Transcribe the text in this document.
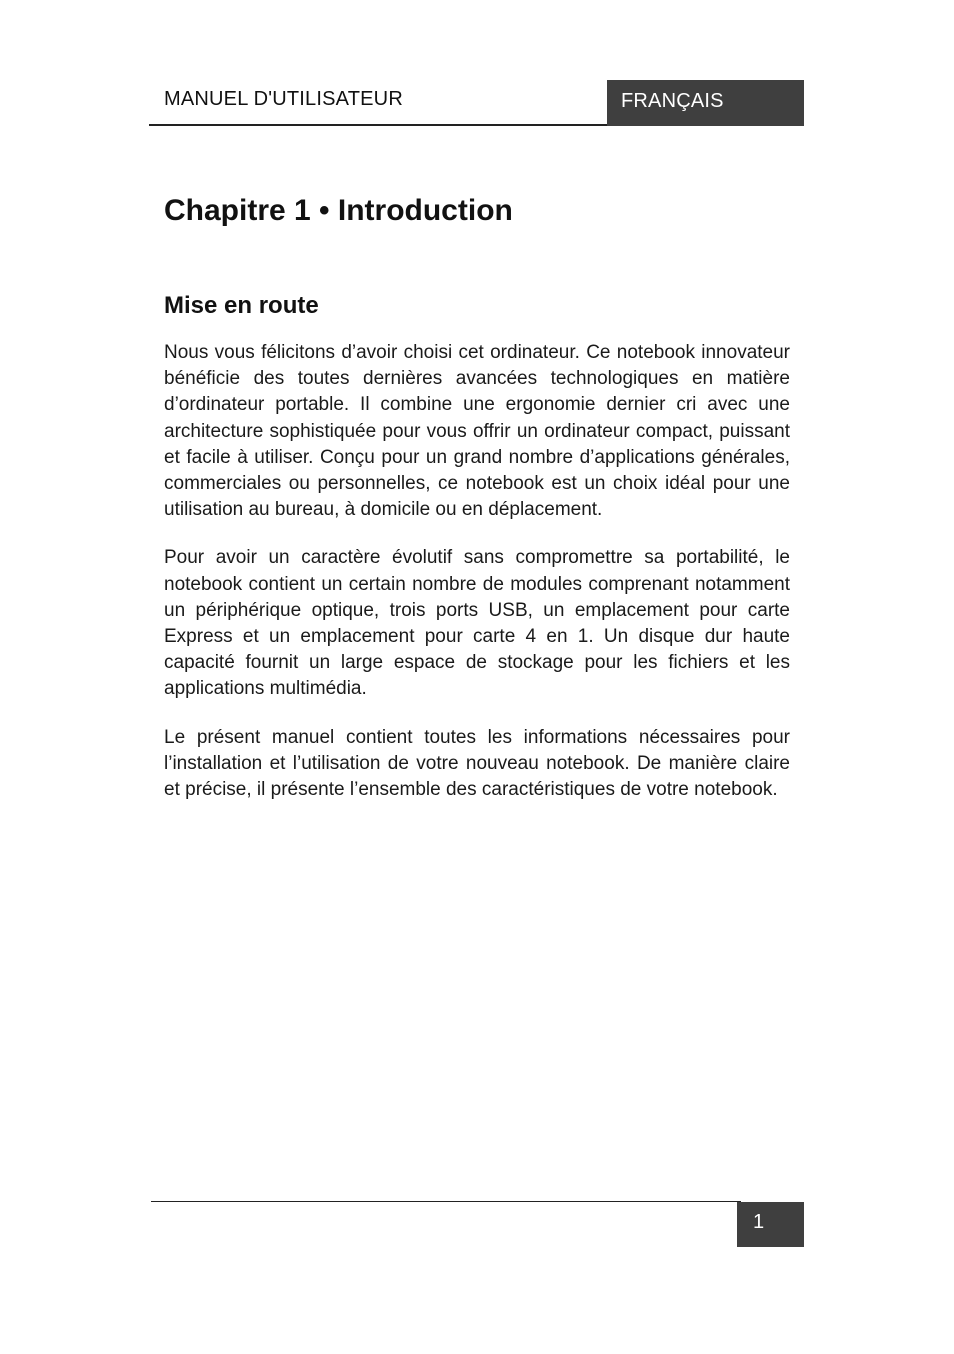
MANUEL D'UTILISATEUR	FRANÇAIS
Chapitre 1 • Introduction
Mise en route

Nous vous félicitons d’avoir choisi cet ordinateur. Ce notebook innovateur bénéficie des toutes dernières avancées technologiques en matière d’ordinateur portable. Il combine une ergonomie dernier cri avec une architecture sophistiquée pour vous offrir un ordinateur compact, puissant et facile à utiliser. Conçu pour un grand nombre d’applications générales, commerciales ou personnelles, ce notebook est un choix idéal pour une utilisation au bureau, à domicile ou en déplacement.

Pour avoir un caractère évolutif sans compromettre sa portabilité, le notebook contient un certain nombre de modules comprenant notamment un périphérique optique, trois ports USB, un emplacement pour carte Express et un emplacement pour carte 4 en 1. Un disque dur haute capacité fournit un large espace de stockage pour les fichiers et les applications multimédia.

Le présent manuel contient toutes les informations nécessaires pour l’installation et l’utilisation de votre nouveau notebook. De manière claire et précise, il présente l’ensemble des caractéristiques de votre notebook.

1
